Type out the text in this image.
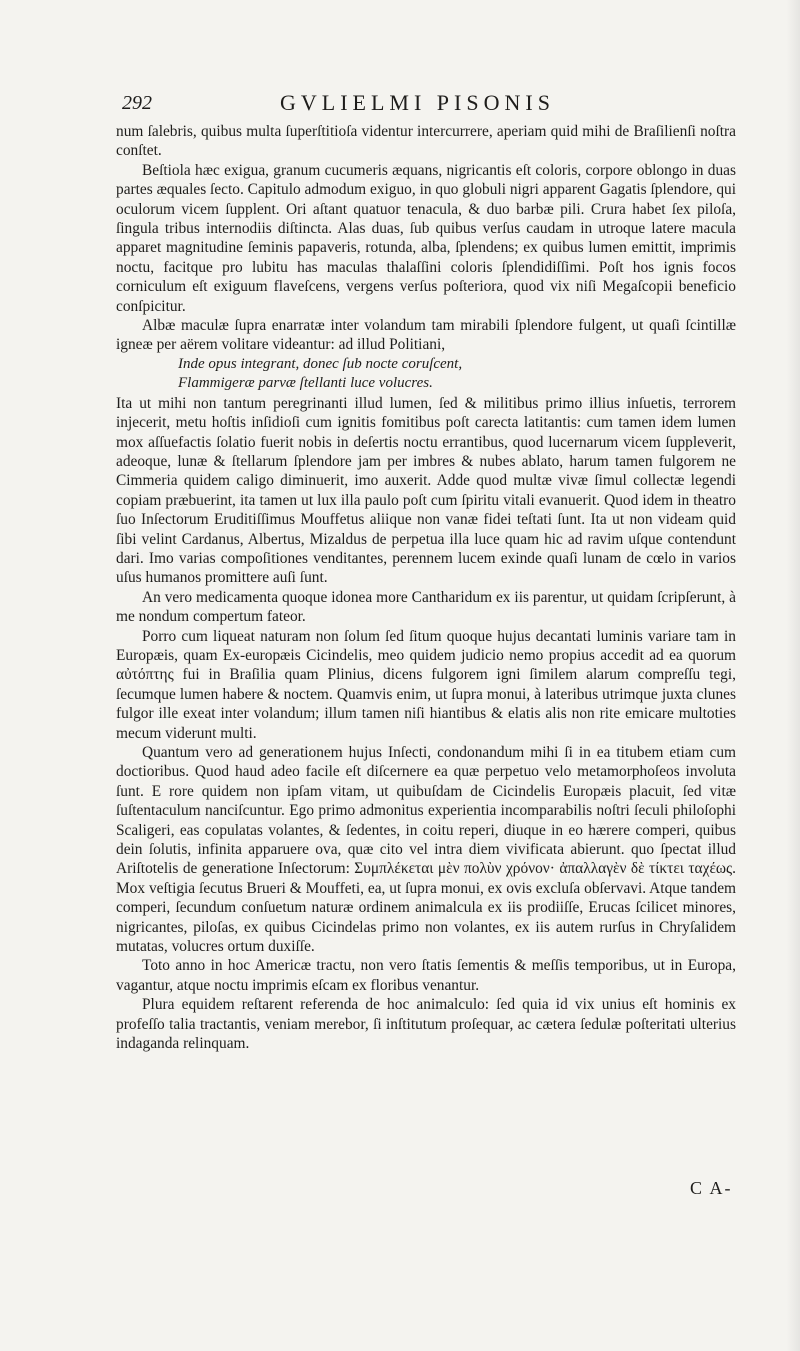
292	GVLIELMI PISONIS

num ſalebris, quibus multa ſuperſtitioſa videntur intercurrere, aperiam quid mihi de Braſilienſi noſtra conſtet.

Beſtiola hæc exigua, granum cucumeris æquans, nigricantis eſt coloris, corpore oblongo in duas partes æquales ſecto. Capitulo admodum exiguo, in quo globuli nigri apparent Gagatis ſplendore, qui oculorum vicem ſupplent. Ori aſtant quatuor tenacula, & duo barbæ pili. Crura habet ſex piloſa, ſingula tribus internodiis diſtincta. Alas duas, ſub quibus verſus caudam in utroque latere macula apparet magnitudine ſeminis papaveris, rotunda, alba, ſplendens; ex quibus lumen emittit, imprimis noctu, facitque pro lubitu has maculas thalaſſini coloris ſplendidiſſimi. Poſt hos ignis focos corniculum eſt exiguum flaveſcens, vergens verſus poſteriora, quod vix niſi Megaſcopii beneficio conſpicitur.

Albæ maculæ ſupra enarratæ inter volandum tam mirabili ſplendore fulgent, ut quaſi ſcintillæ igneæ per aërem volitare videantur: ad illud Politiani,

Inde opus integrant, donec ſub nocte coruſcent,
Flammigeræ parvæ ſtellanti luce volucres.

Ita ut mihi non tantum peregrinanti illud lumen, ſed & militibus primo illius inſuetis, terrorem injecerit, metu hoſtis inſidioſi cum ignitis fomitibus poſt carecta latitantis: cum tamen idem lumen mox aſſuefactis ſolatio fuerit nobis in deſertis noctu errantibus, quod lucernarum vicem ſuppleverit, adeoque, lunæ & ſtellarum ſplendore jam per imbres & nubes ablato, harum tamen fulgorem ne Cimmeria quidem caligo diminuerit, imo auxerit. Adde quod multæ vivæ ſimul collectæ legendi copiam præbuerint, ita tamen ut lux illa paulo poſt cum ſpiritu vitali evanuerit. Quod idem in theatro ſuo Inſectorum Eruditiſſimus Mouffetus aliique non vanæ fidei teſtati ſunt. Ita ut non videam quid ſibi velint Cardanus, Albertus, Mizaldus de perpetua illa luce quam hic ad ravim uſque contendunt dari. Imo varias compoſitiones venditantes, perennem lucem exinde quaſi lunam de cœlo in varios uſus humanos promittere auſi ſunt.

An vero medicamenta quoque idonea more Cantharidum ex iis parentur, ut quidam ſcripſerunt, à me nondum compertum fateor.

Porro cum liqueat naturam non ſolum ſed ſitum quoque hujus decantati luminis variare tam in Europæis, quam Ex-europæis Cicindelis, meo quidem judicio nemo propius accedit ad ea quorum αὐτόπτης fui in Braſilia quam Plinius, dicens fulgorem igni ſimilem alarum compreſſu tegi, ſecumque lumen habere & noctem. Quamvis enim, ut ſupra monui, à lateribus utrimque juxta clunes fulgor ille exeat inter volandum; illum tamen niſi hiantibus & elatis alis non rite emicare multoties mecum viderunt multi.

Quantum vero ad generationem hujus Inſecti, condonandum mihi ſi in ea titubem etiam cum doctioribus. Quod haud adeo facile eſt diſcernere ea quæ perpetuo velo metamorphoſeos involuta ſunt. E rore quidem non ipſam vitam, ut quibuſdam de Cicindelis Europæis placuit, ſed vitæ ſuſtentaculum nanciſcuntur. Ego primo admonitus experientia incomparabilis noſtri ſeculi philoſophi Scaligeri, eas copulatas volantes, & ſedentes, in coitu reperi, diuque in eo hærere comperi, quibus dein ſolutis, infinita apparuere ova, quæ cito vel intra diem vivificata abierunt. quo ſpectat illud Ariſtotelis de generatione Inſectorum: Συμπλέκεται μὲν πολὺν χρόνον· ἀπαλλαγὲν δὲ τίκτει ταχέως. Mox veſtigia ſecutus Brueri & Mouffeti, ea, ut ſupra monui, ex ovis excluſa obſervavi. Atque tandem comperi, ſecundum conſuetum naturæ ordinem animalcula ex iis prodiiſſe, Erucas ſcilicet minores, nigricantes, piloſas, ex quibus Cicindelas primo non volantes, ex iis autem rurſus in Chryſalidem mutatas, volucres ortum duxiſſe.

Toto anno in hoc Americæ tractu, non vero ſtatis ſementis & meſſis temporibus, ut in Europa, vagantur, atque noctu imprimis eſcam ex floribus venantur.

Plura equidem reſtarent referenda de hoc animalculo: ſed quia id vix unius eſt hominis ex profeſſo talia tractantis, veniam merebor, ſi inſtitutum proſequar, ac cætera ſedulæ poſteritati ulterius indaganda relinquam.

C A-
